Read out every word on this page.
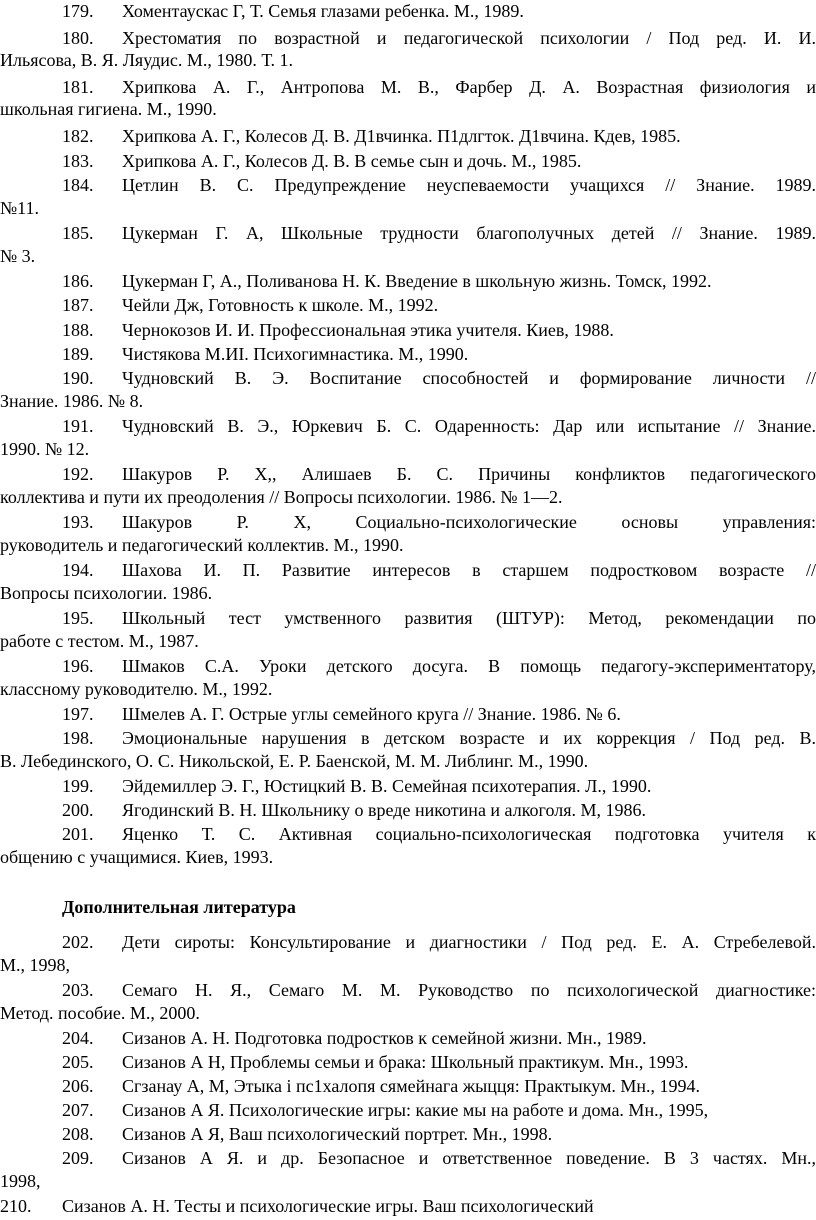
179. Хоментаускас Г, Т. Семья глазами ребенка. М., 1989.
180. Хрестоматия по возрастной и педагогической психологии / Под ред. И. И.
Ильясова, В. Я. Ляудис. М., 1980. Т. 1.
181. Хрипкова А. Г., Антропова М. В., Фарбер Д. А. Возрастная физиология и
школьная гигиена. М., 1990.
182. Хрипкова А. Г., Колесов Д. В. Д1вчинка. П1длгток. Д1вчина. Кдев, 1985.
183. Хрипкова А. Г., Колесов Д. В. В семье сын и дочь. М., 1985.
184. Цетлин В. С. Предупреждение неуспеваемости учащихся // Знание. 1989.
№11.
185. Цукерман Г. А, Школьные трудности благополучных детей // Знание. 1989.
№ 3.
186. Цукерман Г, А., Поливанова Н. К. Введение в школьную жизнь. Томск, 1992.
187. Чейли Дж, Готовность к школе. М., 1992.
188. Чернокозов И. И. Профессиональная этика учителя. Киев, 1988.
189. Чистякова М.ИI. Психогимнастика. М., 1990.
190. Чудновский В. Э. Воспитание способностей и формирование личности //
Знание. 1986. № 8.
191. Чудновский В. Э., Юркевич Б. С. Одаренность: Дар или испытание // Знание.
1990. № 12.
192. Шакуров Р. Х,, Алишаев Б. С. Причины конфликтов педагогического
коллектива и пути их преодоления // Вопросы психологии. 1986. № 1—2.
193. Шакуров Р. Х, Социально-психологические основы управления:
руководитель и педагогический коллектив. М., 1990.
194. Шахова И. П. Развитие интересов в старшем подростковом возрасте //
Вопросы психологии. 1986.
195. Школьный тест умственного развития (ШТУР): Метод, рекомендации по
работе с тестом. М., 1987.
196. Шмаков С.А. Уроки детского досуга. В помощь педагогу-экспериментатору,
классному руководителю. М., 1992.
197. Шмелев А. Г. Острые углы семейного круга // Знание. 1986. № 6.
198. Эмоциональные нарушения в детском возрасте и их коррекция / Под ред. В.
В. Лебединского, О. С. Никольской, Е. Р. Баенской, М. М. Либлинг. М., 1990.
199. Эйдемиллер Э. Г., Юстицкий В. В. Семейная психотерапия. Л., 1990.
200. Ягодинский В. Н. Школьнику о вреде никотина и алкоголя. М, 1986.
201. Яценко Т. С. Активная социально-психологическая подготовка учителя к
общению с учащимися. Киев, 1993.
Дополнительная литература
202. Дети сироты: Консультирование и диагностики / Под ред. Е. А. Стребелевой.
М., 1998,
203. Семаго Н. Я., Семаго М. М. Руководство по психологической диагностике:
Метод. пособие. М., 2000.
204. Сизанов А. Н. Подготовка подростков к семейной жизни. Мн., 1989.
205. Сизанов А Н, Проблемы семьи и брака: Школьный практикум. Мн., 1993.
206. Сгзанау А, М, Этыка і пс1халопя сямейнага жыцця: Практыкум. Мн., 1994.
207. Сизанов А Я. Психологические игры: какие мы на работе и дома. Мн., 1995,
208. Сизанов А Я, Ваш психологический портрет. Мн., 1998.
209. Сизанов А Я. и др. Безопасное и ответственное поведение. В 3 частях. Мн.,
1998,
210. Сизанов А. Н. Тесты и психологические игры. Ваш психологический
